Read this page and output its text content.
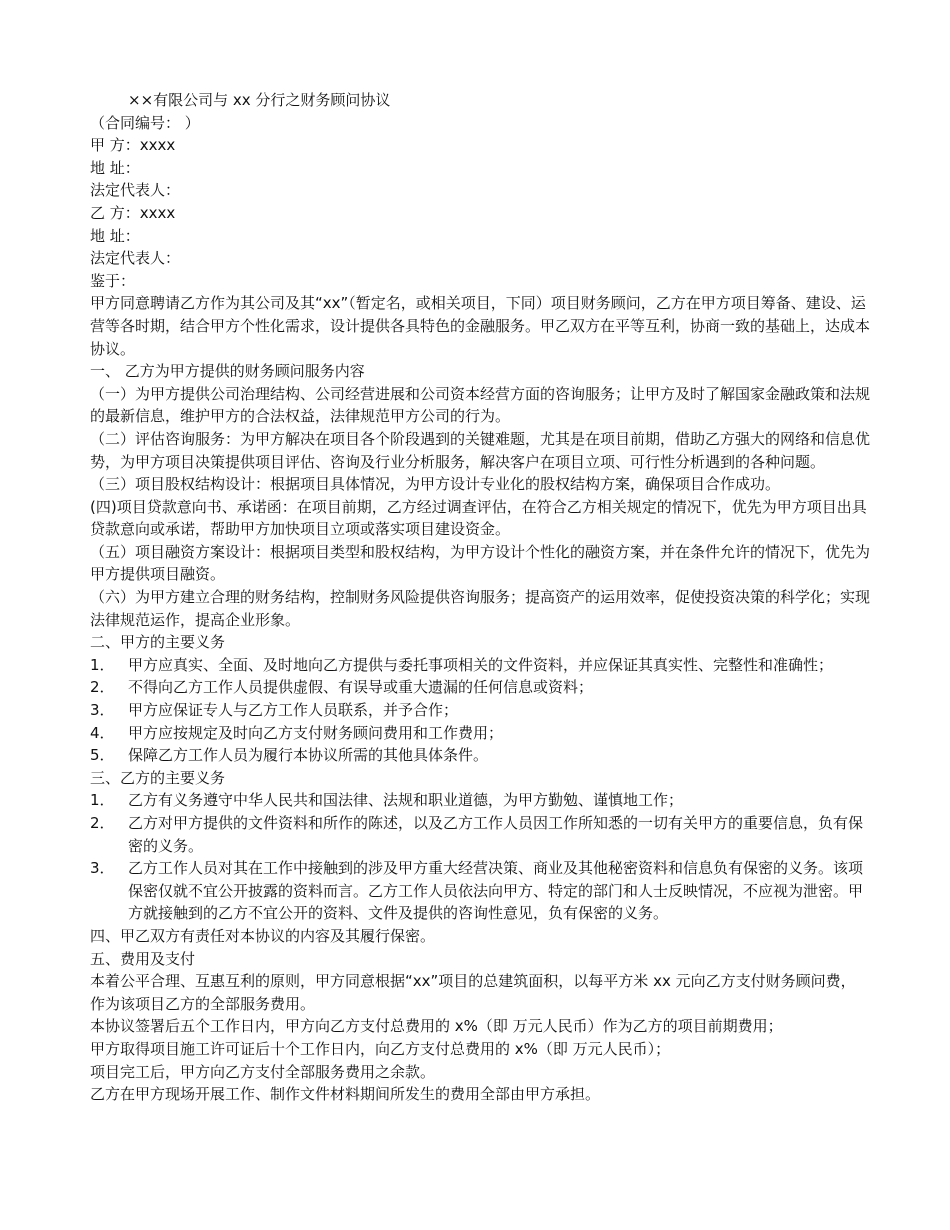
××有限公司与 xx 分行之财务顾问协议

（合同编号： ）

甲 方：xxxx

地 址：

法定代表人：

乙 方：xxxx

地 址：

法定代表人：

鉴于：

甲方同意聘请乙方作为其公司及其“xx”（暂定名，或相关项目，下同）项目财务顾问，乙方在甲方项目筹备、建设、运营等各时期，结合甲方个性化需求，设计提供各具特色的金融服务。甲乙双方在平等互利，协商一致的基础上，达成本协议。

一、 乙方为甲方提供的财务顾问服务内容

（一）为甲方提供公司治理结构、公司经营进展和公司资本经营方面的咨询服务；让甲方及时了解国家金融政策和法规的最新信息，维护甲方的合法权益，法律规范甲方公司的行为。

（二）评估咨询服务：为甲方解决在项目各个阶段遇到的关键难题，尤其是在项目前期，借助乙方强大的网络和信息优势，为甲方项目决策提供项目评估、咨询及行业分析服务，解决客户在项目立项、可行性分析遇到的各种问题。

（三）项目股权结构设计：根据项目具体情况，为甲方设计专业化的股权结构方案，确保项目合作成功。

(四)项目贷款意向书、承诺函：在项目前期，乙方经过调查评估，在符合乙方相关规定的情况下，优先为甲方项目出具贷款意向或承诺，帮助甲方加快项目立项或落实项目建设资金。

（五）项目融资方案设计：根据项目类型和股权结构，为甲方设计个性化的融资方案，并在条件允许的情况下，优先为甲方提供项目融资。

（六）为甲方建立合理的财务结构，控制财务风险提供咨询服务；提高资产的运用效率，促使投资决策的科学化；实现法律规范运作，提高企业形象。

二、甲方的主要义务

1． 甲方应真实、全面、及时地向乙方提供与委托事项相关的文件资料，并应保证其真实性、完整性和准确性；
2． 不得向乙方工作人员提供虚假、有误导或重大遗漏的任何信息或资料；
3． 甲方应保证专人与乙方工作人员联系，并予合作；
4． 甲方应按规定及时向乙方支付财务顾问费用和工作费用；
5． 保障乙方工作人员为履行本协议所需的其他具体条件。

三、乙方的主要义务

1． 乙方有义务遵守中华人民共和国法律、法规和职业道德，为甲方勤勉、谨慎地工作；
2． 乙方对甲方提供的文件资料和所作的陈述，以及乙方工作人员因工作所知悉的一切有关甲方的重要信息，负有保密的义务。
3． 乙方工作人员对其在工作中接触到的涉及甲方重大经营决策、商业及其他秘密资料和信息负有保密的义务。该项保密仅就不宜公开披露的资料而言。乙方工作人员依法向甲方、特定的部门和人士反映情况，不应视为泄密。甲方就接触到的乙方不宜公开的资料、文件及提供的咨询性意见，负有保密的义务。

四、甲乙双方有责任对本协议的内容及其履行保密。

五、费用及支付

本着公平合理、互惠互利的原则，甲方同意根据“xx”项目的总建筑面积，以每平方米 xx 元向乙方支付财务顾问费，作为该项目乙方的全部服务费用。

本协议签署后五个工作日内，甲方向乙方支付总费用的 x%（即 万元人民币）作为乙方的项目前期费用；

甲方取得项目施工许可证后十个工作日内，向乙方支付总费用的 x%（即 万元人民币）；

项目完工后，甲方向乙方支付全部服务费用之余款。

乙方在甲方现场开展工作、制作文件材料期间所发生的费用全部由甲方承担。
